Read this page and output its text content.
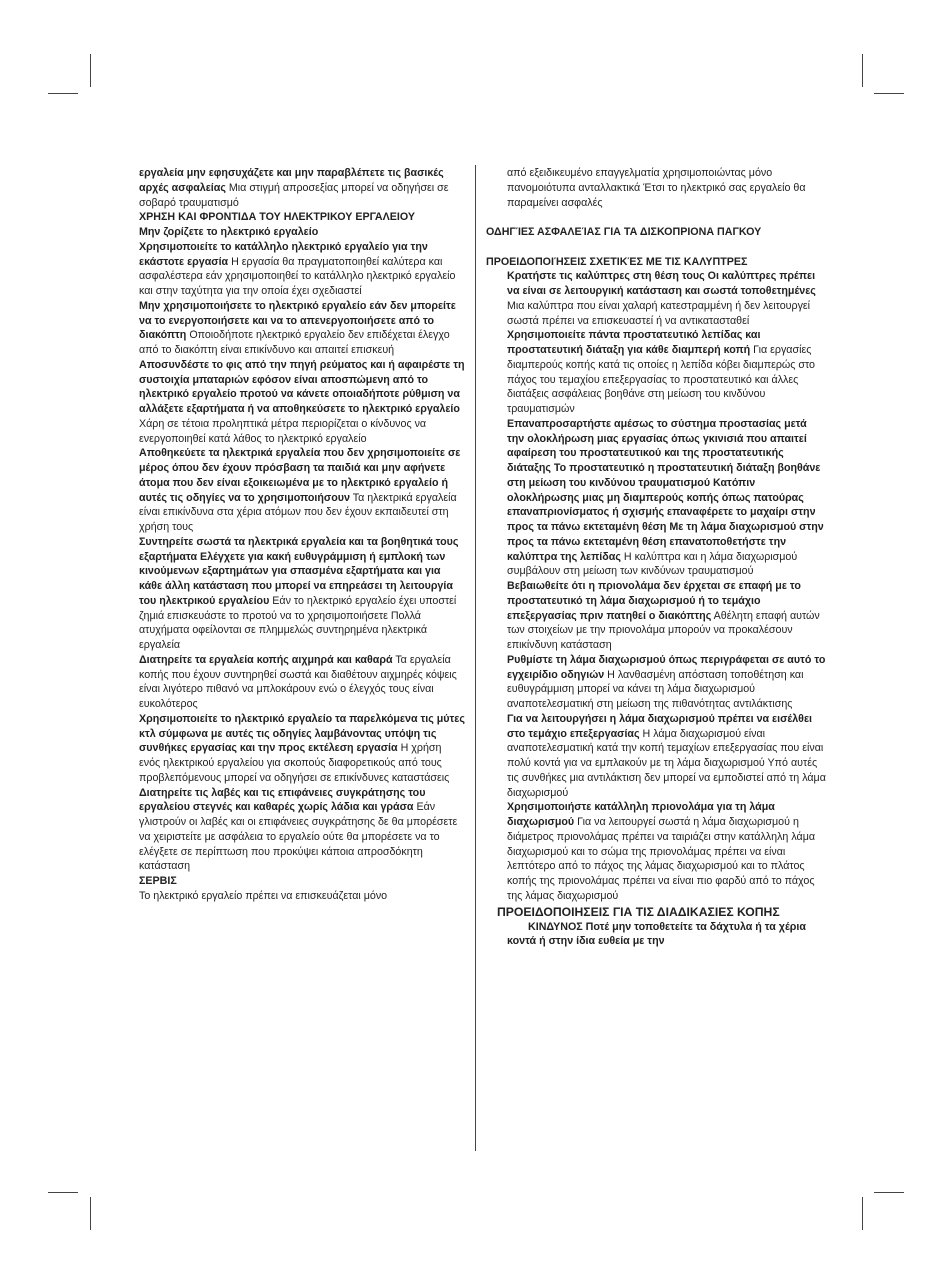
εργαλεία μην εφησυχάζετε και μην παραβλέπετε τις βασικές αρχές ασφαλείας Μια στιγμή απροσεξίας μπορεί να οδηγήσει σε σοβαρό τραυματισμό

ΧΡΗΣΗ ΚΑΙ ΦΡΟΝΤΙΔΑ ΤΟΥ ΗΛΕΚΤΡΙΚΟΥ ΕΡΓΑΛΕΙΟΥ

Μην ζορίζετε το ηλεκτρικό εργαλείο

Χρησιμοποιείτε το κατάλληλο ηλεκτρικό εργαλείο για την εκάστοτε εργασία Η εργασία θα πραγματοποιηθεί καλύτερα και ασφαλέστερα εάν χρησιμοποιηθεί το κατάλληλο ηλεκτρικό εργαλείο και στην ταχύτητα για την οποία έχει σχεδιαστεί

Μην χρησιμοποιήσετε το ηλεκτρικό εργαλείο εάν δεν μπορείτε να το ενεργοποιήσετε και να το απενεργοποιήσετε από το διακόπτη Οποιοδήποτε ηλεκτρικό εργαλείο δεν επιδέχεται έλεγχο από το διακόπτη είναι επικίνδυνο και απαιτεί επισκευή

Αποσυνδέστε το φις από την πηγή ρεύματος και ή αφαιρέστε τη συστοιχία μπαταριών εφόσον είναι αποσπώμενη από το ηλεκτρικό εργαλείο προτού να κάνετε οποιαδήποτε ρύθμιση να αλλάξετε εξαρτήματα ή να αποθηκεύσετε το ηλεκτρικό εργαλείο Χάρη σε τέτοια προληπτικά μέτρα περιορίζεται ο κίνδυνος να ενεργοποιηθεί κατά λάθος το ηλεκτρικό εργαλείο

Αποθηκεύετε τα ηλεκτρικά εργαλεία που δεν χρησιμοποιείτε σε μέρος όπου δεν έχουν πρόσβαση τα παιδιά και μην αφήνετε άτομα που δεν είναι εξοικειωμένα με το ηλεκτρικό εργαλείο ή αυτές τις οδηγίες να το χρησιμοποιήσουν Τα ηλεκτρικά εργαλεία είναι επικίνδυνα στα χέρια ατόμων που δεν έχουν εκπαιδευτεί στη χρήση τους

Συντηρείτε σωστά τα ηλεκτρικά εργαλεία και τα βοηθητικά τους εξαρτήματα Ελέγχετε για κακή ευθυγράμμιση ή εμπλοκή των κινούμενων εξαρτημάτων για σπασμένα εξαρτήματα και για κάθε άλλη κατάσταση που μπορεί να επηρεάσει τη λειτουργία του ηλεκτρικού εργαλείου Εάν το ηλεκτρικό εργαλείο έχει υποστεί ζημιά επισκευάστε το προτού να το χρησιμοποιήσετε Πολλά ατυχήματα οφείλονται σε πλημμελώς συντηρημένα ηλεκτρικά εργαλεία

Διατηρείτε τα εργαλεία κοπής αιχμηρά και καθαρά Τα εργαλεία κοπής που έχουν συντηρηθεί σωστά και διαθέτουν αιχμηρές κόψεις είναι λιγότερο πιθανό να μπλοκάρουν ενώ ο έλεγχός τους είναι ευκολότερος

Χρησιμοποιείτε το ηλεκτρικό εργαλείο τα παρελκόμενα τις μύτες κτλ σύμφωνα με αυτές τις οδηγίες λαμβάνοντας υπόψη τις συνθήκες εργασίας και την προς εκτέλεση εργασία Η χρήση ενός ηλεκτρικού εργαλείου για σκοπούς διαφορετικούς από τους προβλεπόμενους μπορεί να οδηγήσει σε επικίνδυνες καταστάσεις

Διατηρείτε τις λαβές και τις επιφάνειες συγκράτησης του εργαλείου στεγνές και καθαρές χωρίς λάδια και γράσα Εάν γλιστρούν οι λαβές και οι επιφάνειες συγκράτησης δε θα μπορέσετε να χειριστείτε με ασφάλεια το εργαλείο ούτε θα μπορέσετε να το ελέγξετε σε περίπτωση που προκύψει κάποια απροσδόκητη κατάσταση

ΣΕΡΒΙΣ

Το ηλεκτρικό εργαλείο πρέπει να επισκευάζεται μόνο

από εξειδικευμένο επαγγελματία χρησιμοποιώντας μόνο πανομοιότυπα ανταλλακτικά Έτσι το ηλεκτρικό σας εργαλείο θα παραμείνει ασφαλές

ΟΔΗΓΊΕΣ ΑΣΦΑΛΕΊΑΣ ΓΙΑ ΤΑ ΔΙΣΚΟΠΡΙΟΝΑ ΠΑΓΚΟΥ

ΠΡΟΕΙΔΟΠΟΙΉΣΕΙΣ ΣΧΕΤΙΚΈΣ ΜΕ ΤΙΣ ΚΑΛΥΠΤΡΕΣ

Κρατήστε τις καλύπτρες στη θέση τους Οι καλύπτρες πρέπει να είναι σε λειτουργική κατάσταση και σωστά τοποθετημένες Μια καλύπτρα που είναι χαλαρή κατεστραμμένη ή δεν λειτουργεί σωστά πρέπει να επισκευαστεί ή να αντικατασταθεί

Χρησιμοποιείτε πάντα προστατευτικό λεπίδας και προστατευτική διάταξη για κάθε διαμπερή κοπή Για εργασίες διαμπερούς κοπής κατά τις οποίες η λεπίδα κόβει διαμπερώς στο πάχος του τεμαχίου επεξεργασίας το προστατευτικό και άλλες διατάξεις ασφάλειας βοηθάνε στη μείωση του κινδύνου τραυματισμών

Επαναπροσαρτήστε αμέσως το σύστημα προστασίας μετά την ολοκλήρωση μιας εργασίας όπως γκινισιά που απαιτεί αφαίρεση του προστατευτικού και της προστατευτικής διάταξης Το προστατευτικό η προστατευτική διάταξη βοηθάνε στη μείωση του κινδύνου τραυματισμού Κατόπιν ολοκλήρωσης μιας μη διαμπερούς κοπής όπως πατούρας επαναπριονίσματος ή σχισμής επαναφέρετε το μαχαίρι στην προς τα πάνω εκτεταμένη θέση Με τη λάμα διαχωρισμού στην προς τα πάνω εκτεταμένη θέση επανατοποθετήστε την καλύπτρα της λεπίδας Η καλύπτρα και η λάμα διαχωρισμού συμβάλουν στη μείωση των κινδύνων τραυματισμού

Βεβαιωθείτε ότι η πριονολάμα δεν έρχεται σε επαφή με το προστατευτικό τη λάμα διαχωρισμού ή το τεμάχιο επεξεργασίας πριν πατηθεί ο διακόπτης Αθέλητη επαφή αυτών των στοιχείων με την πριονολάμα μπορούν να προκαλέσουν επικίνδυνη κατάσταση

Ρυθμίστε τη λάμα διαχωρισμού όπως περιγράφεται σε αυτό το εγχειρίδιο οδηγιών Η λανθασμένη απόσταση τοποθέτηση και ευθυγράμμιση μπορεί να κάνει τη λάμα διαχωρισμού αναποτελεσματική στη μείωση της πιθανότητας αντιλάκτισης

Για να λειτουργήσει η λάμα διαχωρισμού πρέπει να εισέλθει στο τεμάχιο επεξεργασίας Η λάμα διαχωρισμού είναι αναποτελεσματική κατά την κοπή τεμαχίων επεξεργασίας που είναι πολύ κοντά για να εμπλακούν με τη λάμα διαχωρισμού Υπό αυτές τις συνθήκες μια αντιλάκτιση δεν μπορεί να εμποδιστεί από τη λάμα διαχωρισμού

Χρησιμοποιήστε κατάλληλη πριονολάμα για τη λάμα διαχωρισμού Για να λειτουργεί σωστά η λάμα διαχωρισμού η διάμετρος πριονολάμας πρέπει να ταιριάζει στην κατάλληλη λάμα διαχωρισμού και το σώμα της πριονολάμας πρέπει να είναι λεπτότερο από το πάχος της λάμας διαχωρισμού και το πλάτος κοπής της πριονολάμας πρέπει να είναι πιο φαρδύ από το πάχος της λάμας διαχωρισμού

ΠΡΟΕΙΔΟΠΟΙΗΣΕΙΣ ΓΙΑ ΤΙΣ ΔΙΑΔΙΚΑΣΙΕΣ ΚΟΠΗΣ

ΚΙΝΔΥΝΟΣ Ποτέ μην τοποθετείτε τα δάχτυλα ή τα χέρια κοντά ή στην ίδια ευθεία με την
